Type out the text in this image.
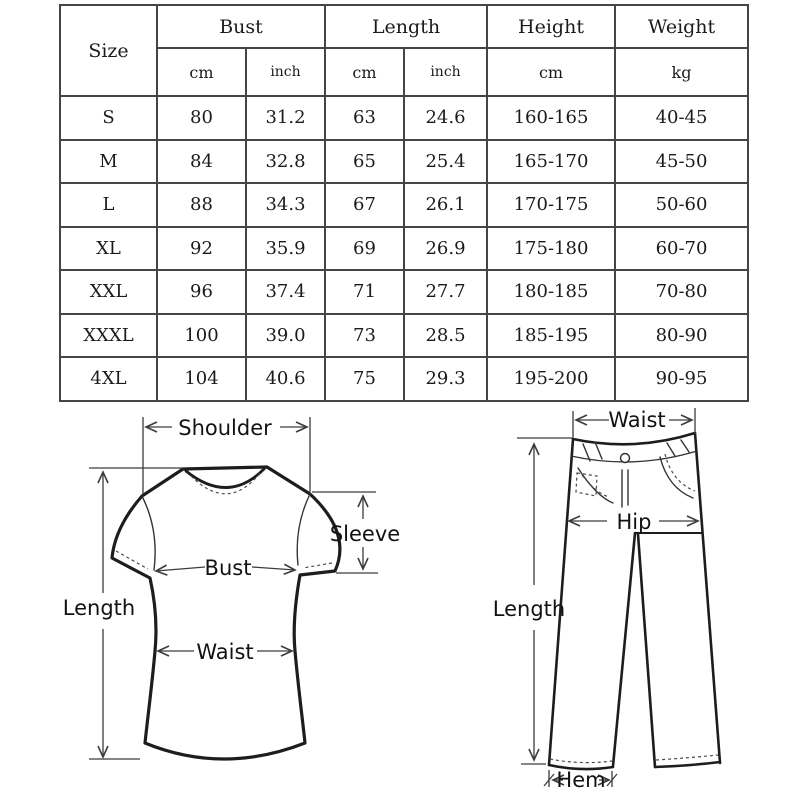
Size	Bust		Length		Height	Weight
	cm	inch	cm	inch	cm	kg
S	80	31.2	63	24.6	160-165	40-45
M	84	32.8	65	25.4	165-170	45-50
L	88	34.3	67	26.1	170-175	50-60
XL	92	35.9	69	26.9	175-180	60-70
XXL	96	37.4	71	27.7	180-185	70-80
XXXL	100	39.0	73	28.5	185-195	80-90
4XL	104	40.6	75	29.3	195-200	90-95
Shoulder
Length
Bust
Waist
Sleeve
Waist
Hip
Length
Hem
